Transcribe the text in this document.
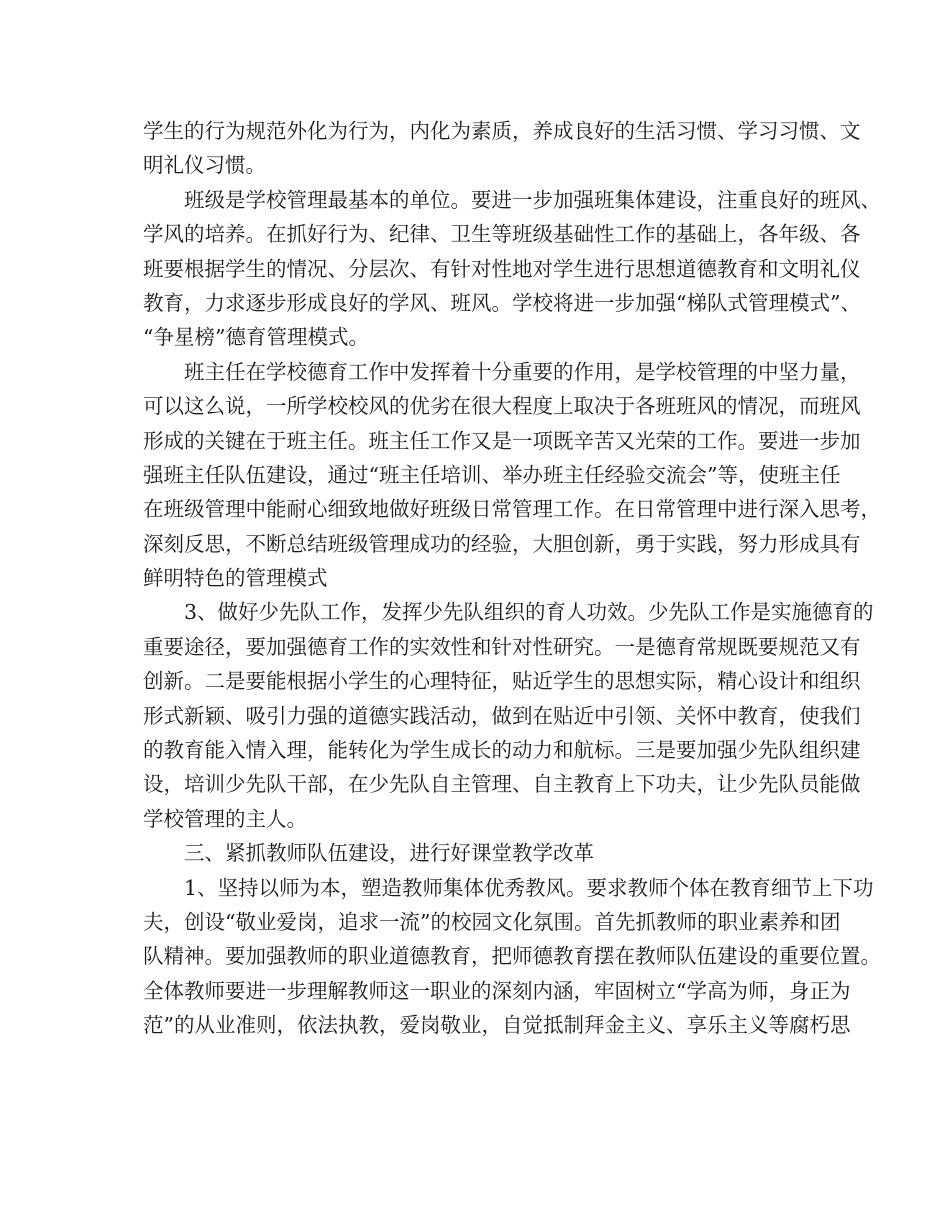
学生的行为规范外化为行为，内化为素质，养成良好的生活习惯、学习习惯、文
明礼仪习惯。
班级是学校管理最基本的单位。要进一步加强班集体建设，注重良好的班风、
学风的培养。在抓好行为、纪律、卫生等班级基础性工作的基础上，各年级、各
班要根据学生的情况、分层次、有针对性地对学生进行思想道德教育和文明礼仪
教育，力求逐步形成良好的学风、班风。学校将进一步加强“梯队式管理模式”、
“争星榜”德育管理模式。
班主任在学校德育工作中发挥着十分重要的作用，是学校管理的中坚力量，
可以这么说，一所学校校风的优劣在很大程度上取决于各班班风的情况，而班风
形成的关键在于班主任。班主任工作又是一项既辛苦又光荣的工作。要进一步加
强班主任队伍建设，通过“班主任培训、举办班主任经验交流会”等，使班主任
在班级管理中能耐心细致地做好班级日常管理工作。在日常管理中进行深入思考，
深刻反思，不断总结班级管理成功的经验，大胆创新，勇于实践，努力形成具有
鲜明特色的管理模式
3、做好少先队工作，发挥少先队组织的育人功效。少先队工作是实施德育的
重要途径，要加强德育工作的实效性和针对性研究。一是德育常规既要规范又有
创新。二是要能根据小学生的心理特征，贴近学生的思想实际，精心设计和组织
形式新颖、吸引力强的道德实践活动，做到在贴近中引领、关怀中教育，使我们
的教育能入情入理，能转化为学生成长的动力和航标。三是要加强少先队组织建
设，培训少先队干部，在少先队自主管理、自主教育上下功夫，让少先队员能做
学校管理的主人。
三、紧抓教师队伍建设，进行好课堂教学改革
1、坚持以师为本，塑造教师集体优秀教风。要求教师个体在教育细节上下功
夫，创设“敬业爱岗，追求一流”的校园文化氛围。首先抓教师的职业素养和团
队精神。要加强教师的职业道德教育，把师德教育摆在教师队伍建设的重要位置。
全体教师要进一步理解教师这一职业的深刻内涵，牢固树立“学高为师，身正为
范”的从业准则，依法执教，爱岗敬业，自觉抵制拜金主义、享乐主义等腐朽思
